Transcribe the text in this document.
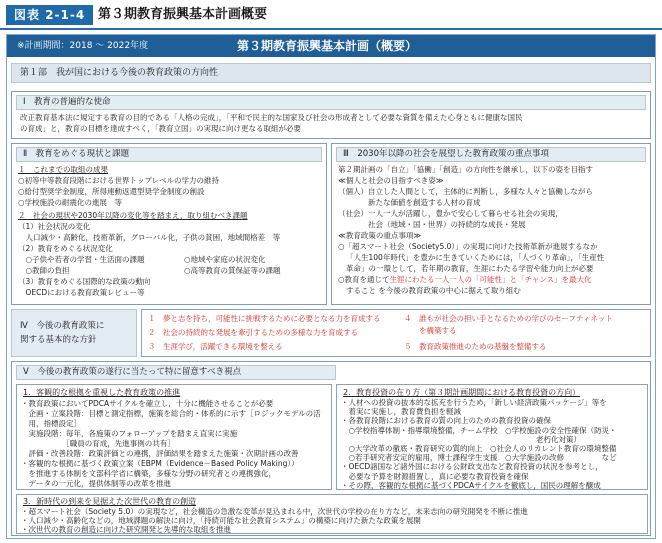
図表 2-1-4 第３期教育振興基本計画概要
※計画期間：2018 ～ 2022年度	第３期教育振興基本計画（概要）
第１部　我が国における今後の教育政策の方向性
Ⅰ　教育の普遍的な使命
改正教育基本法に規定する教育の目的である「人格の完成」，「平和で民主的な国家及び社会の形成者として必要な資質を備えた心身ともに健康な国民
の育成」と，教育の目標を達成すべく，「教育立国」の実現に向け更なる取組が必要
Ⅱ　教育をめぐる現状と課題
１　これまでの取組の成果
○初等中等教育段階における世界トップレベルの学力の維持
○給付型奨学金制度，所得連動返還型奨学金制度の創設
○学校施設の耐震化の進展　等
２　社会の現状や2030年以降の変化等を踏まえ，取り組むべき課題
（1）社会状況の変化
　人口減少・高齢化，技術革新，グローバル化，子供の貧困，地域間格差　等
（2）教育をめぐる状況変化
　○子供や若者の学習・生活面の課題
　○教師の負担
○地域や家庭の状況変化
○高等教育の質保証等の課題
（3）教育をめぐる国際的な政策の動向
　OECDにおける教育政策レビュー等
Ⅲ　2030年以降の社会を展望した教育政策の重点事項
第２期計画の「自立」「協働」「創造」の方向性を継承し，以下の姿を目指す
≪個人と社会の目指すべき姿≫
（個人）自立した人間として，主体的に判断し，多様な人々と協働しながら
　　　　新たな価値を創造する人材の育成
（社会）一人一人が活躍し，豊かで安心して暮らせる社会の実現，
　　　　社会（地域・国・世界）の持続的な成長・発展
≪教育政策の重点事項≫
○「超スマート社会（Society5.0）」の実現に向けた技術革新が進展するなか
「人生100年時代」を豊かに生きていくためには，「人づくり革命」，「生産性
革命」の一環として，若年期の教育，生涯にわたる学習や能力向上が必要
○教育を通じて生涯にわたる一人一人の「可能性」と「チャンス」を最大化
すること を今後の教育政策の中心に据えて取り組む
Ⅳ　今後の教育政策に
関する基本的な方針
１　夢と志を持ち，可能性に挑戦するために必要となる力を育成する
２　社会の持続的な発展を牽引するための多様な力を育成する
３　生涯学び，活躍できる環境を整える
４　誰もが社会の担い手となるための学びのセーフティネット
　　を構築する
５　教育政策推進のための基盤を整備する
Ⅴ　今後の教育政策の遂行に当たって特に留意すべき視点
1．客観的な根拠を重視した教育政策の推進
・教育政策においてPDCAサイクルを確立し，十分に機能させることが必要
　企画・立案段階：目標と測定指標，施策を総合的・体系的に示す［ロジックモデルの活
　用，指標設定］
　実施段階：毎年，各施策のフォローアップを踏まえ直実に実施
　　　　　　［職員の育成，先進事例の共有］
　評価・改善段階：政策評価との連携，評価結果を踏まえた施策・次期計画の改善
・客観的な根拠に基づく政策立案（EBPM（Evidence－Based Policy Making））
　を推進する体制を文部科学省に構築，多様な分野の研究者との連携強化，
　データの一元化，提供体制等の改革を推進
2．教育投資の在り方（第３期計画期間における教育投資の方向）
・人材への投資の抜本的な拡充を行うため，「新しい経済政策パッケージ」等を
　着実に実施し，教育費負担を軽減
・各教育段階における教育の質の向上のための教育投資の確保
　○学校指導体制・指導環境整備，チーム学校　○学校施設の安全性確保（防災・
　　　　　　　　　　　　　　　　　　　　　　　　　　老朽化対策）
　○大学改革の徹底・教育研究の質的向上　○社会人のリカレント教育の環境整備
　○若手研究者安定的雇用，博士課程学生支援　○大学施設の改修　　　　　など
・OECD諸国など諸外国における公財政支出など教育投資の状況を参考とし，
　必要な予算を財源措置し，真に必要な教育投資を確保
・その際，客観的な根拠に基づくPDCAサイクルを徹底し，国民の理解を醸成
3．新時代の到来を見据えた次世代の教育の創造
・超スマート社会（Society 5.0）の実現など，社会構造の急激な変革が見込まれる中，次世代の学校の在り方など，未来志向の研究開発を不断に推進
・人口減少・高齢化などの，地域課題の解決に向け，「持続可能な社会教育システム」の構築に向けた新たな政策を展開
・次世代の教育の創造に向けた研究開発と先導的な取組を推進
